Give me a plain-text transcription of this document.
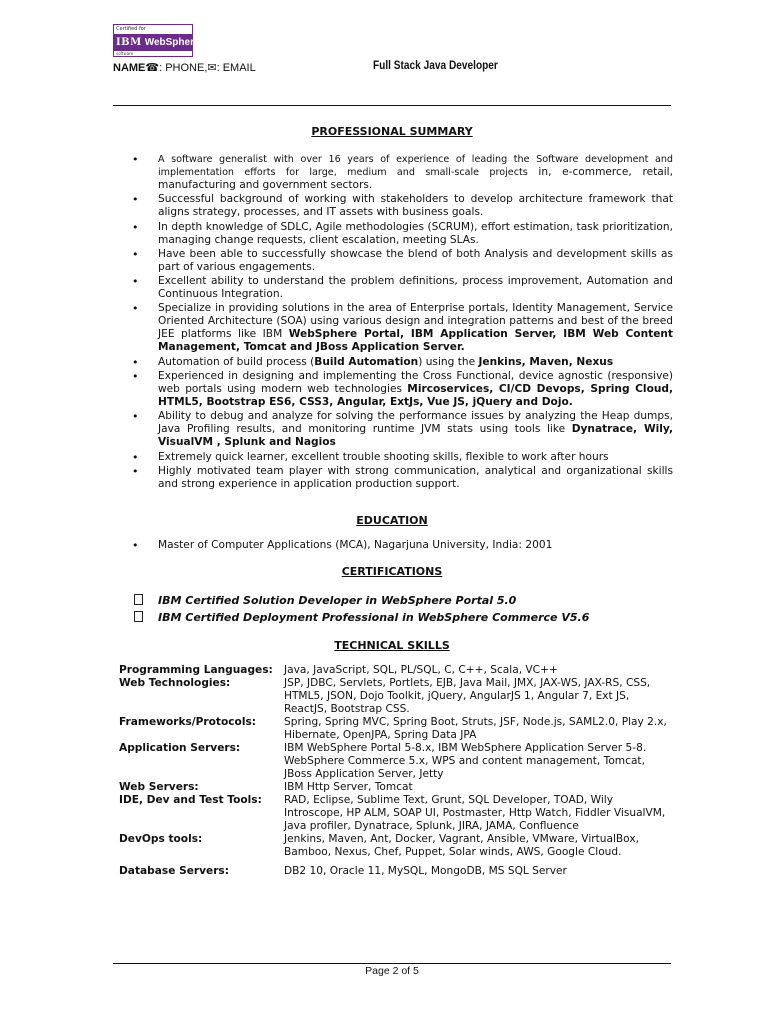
Certified for
IBM WebSphere.
software
NAME☎: PHONE,✉: EMAIL	Full Stack Java Developer
PROFESSIONAL SUMMARY
• A software generalist with over 16 years of experience of leading the Software development and implementation efforts for large, medium and small-scale projects in, e-commerce, retail, manufacturing and government sectors.
• Successful background of working with stakeholders to develop architecture framework that aligns strategy, processes, and IT assets with business goals.
• In depth knowledge of SDLC, Agile methodologies (SCRUM), effort estimation, task prioritization, managing change requests, client escalation, meeting SLAs.
• Have been able to successfully showcase the blend of both Analysis and development skills as part of various engagements.
• Excellent ability to understand the problem definitions, process improvement, Automation and Continuous Integration.
• Specialize in providing solutions in the area of Enterprise portals, Identity Management, Service Oriented Architecture (SOA) using various design and integration patterns and best of the breed JEE platforms like IBM WebSphere Portal, IBM Application Server, IBM Web Content Management, Tomcat and JBoss Application Server.
• Automation of build process (Build Automation) using the Jenkins, Maven, Nexus
• Experienced in designing and implementing the Cross Functional, device agnostic (responsive) web portals using modern web technologies Mircoservices, CI/CD Devops, Spring Cloud, HTML5, Bootstrap ES6, CSS3, Angular, ExtJs, Vue JS, jQuery and Dojo.
• Ability to debug and analyze for solving the performance issues by analyzing the Heap dumps, Java Profiling results, and monitoring runtime JVM stats using tools like Dynatrace, Wily, VisualVM , Splunk and Nagios
• Extremely quick learner, excellent trouble shooting skills, flexible to work after hours
• Highly motivated team player with strong communication, analytical and organizational skills and strong experience in application production support.
EDUCATION
• Master of Computer Applications (MCA), Nagarjuna University, India: 2001
CERTIFICATIONS
IBM Certified Solution Developer in WebSphere Portal 5.0
IBM Certified Deployment Professional in WebSphere Commerce V5.6
TECHNICAL SKILLS
Programming Languages:	Java, JavaScript, SQL, PL/SQL, C, C++, Scala, VC++
Web Technologies:	JSP, JDBC, Servlets, Portlets, EJB, Java Mail, JMX, JAX-WS, JAX-RS, CSS, HTML5, JSON, Dojo Toolkit, jQuery, AngularJS 1, Angular 7, Ext JS, ReactJS, Bootstrap CSS.
Frameworks/Protocols:	Spring, Spring MVC, Spring Boot, Struts, JSF, Node.js, SAML2.0, Play 2.x, Hibernate, OpenJPA, Spring Data JPA
Application Servers:	IBM WebSphere Portal 5-8.x, IBM WebSphere Application Server 5-8. WebSphere Commerce 5.x, WPS and content management, Tomcat, JBoss Application Server, Jetty
Web Servers:	IBM Http Server, Tomcat
IDE, Dev and Test Tools:	RAD, Eclipse, Sublime Text, Grunt, SQL Developer, TOAD, Wily Introscope, HP ALM, SOAP UI, Postmaster, Http Watch, Fiddler VisualVM, Java profiler, Dynatrace, Splunk, JIRA, JAMA, Confluence
DevOps tools:	Jenkins, Maven, Ant, Docker, Vagrant, Ansible, VMware, VirtualBox, Bamboo, Nexus, Chef, Puppet, Solar winds, AWS, Google Cloud.
Database Servers:	DB2 10, Oracle 11, MySQL, MongoDB, MS SQL Server
Page 2 of 5
